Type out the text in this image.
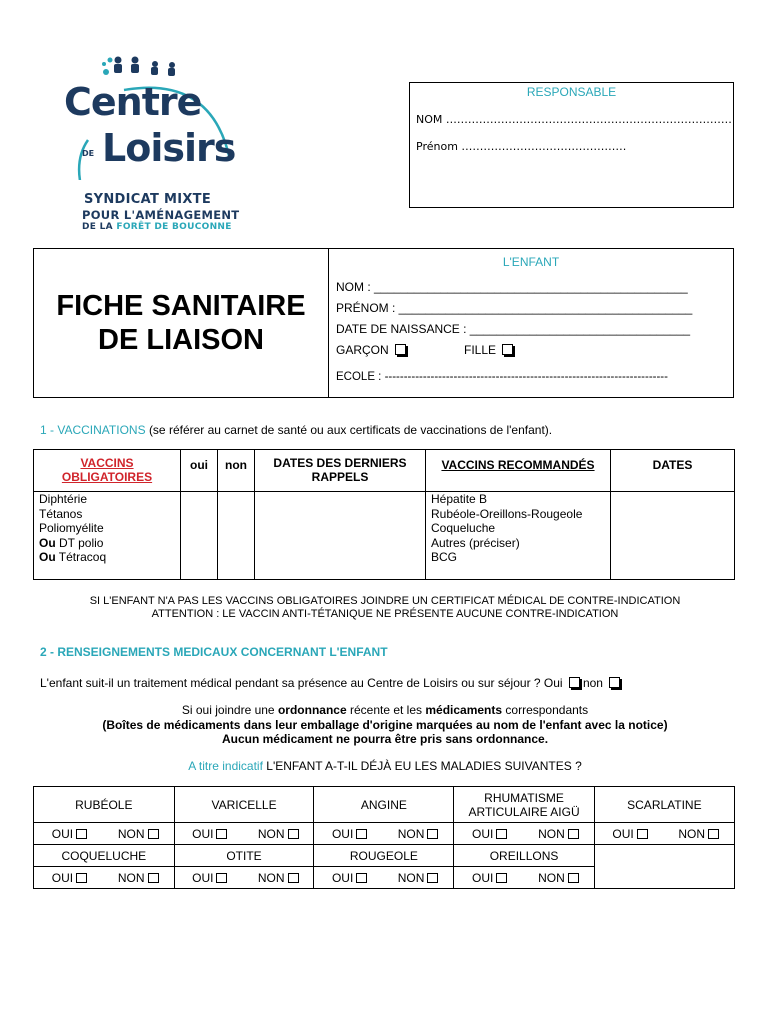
Centre
DE Loisirs
SYNDICAT MIXTE
POUR L'AMÉNAGEMENT
DE LA FORÊT DE BOUCONNE
RESPONSABLE
NOM ……………………………………………………………………
Prénom ………………………………………
FICHE SANITAIRE
DE LIAISON
L'ENFANT
NOM : _______________________________________________
PRÉNOM : ____________________________________________
DATE DE NAISSANCE : _________________________________
GARÇON	FILLE
ECOLE : --------------------------------------------------------------------------
1 - VACCINATIONS (se référer au carnet de santé ou aux certificats de vaccinations de l'enfant).
VACCINS OBLIGATOIRES	oui	non	DATES DES DERNIERS RAPPELS	VACCINS RECOMMANDÉS	DATES
Diphtérie				Hépatite B	
Tétanos				Rubéole-Oreillons-Rougeole	
Poliomyélite				Coqueluche	
Ou DT polio				Autres (préciser)	
Ou Tétracoq				BCG	

SI L'ENFANT N'A PAS LES VACCINS OBLIGATOIRES JOINDRE UN CERTIFICAT MÉDICAL DE CONTRE-INDICATION
ATTENTION : LE VACCIN ANTI-TÉTANIQUE NE PRÉSENTE AUCUNE CONTRE-INDICATION
2 - RENSEIGNEMENTS MEDICAUX CONCERNANT L'ENFANT
L'enfant suit-il un traitement médical pendant sa présence au Centre de Loisirs ou sur séjour ? Oui non
Si oui joindre une ordonnance récente et les médicaments correspondants
(Boîtes de médicaments dans leur emballage d'origine marquées au nom de l'enfant avec la notice)
Aucun médicament ne pourra être pris sans ordonnance.
A titre indicatif L'ENFANT A-T-IL DÉJÀ EU LES MALADIES SUIVANTES ?
RUBÉOLE	VARICELLE	ANGINE	RHUMATISME ARTICULAIRE AIGÜ	SCARLATINE
OUI NON	OUI NON	OUI NON	OUI NON	OUI NON
COQUELUCHE	OTITE	ROUGEOLE	OREILLONS	
OUI NON	OUI NON	OUI NON	OUI NON	
